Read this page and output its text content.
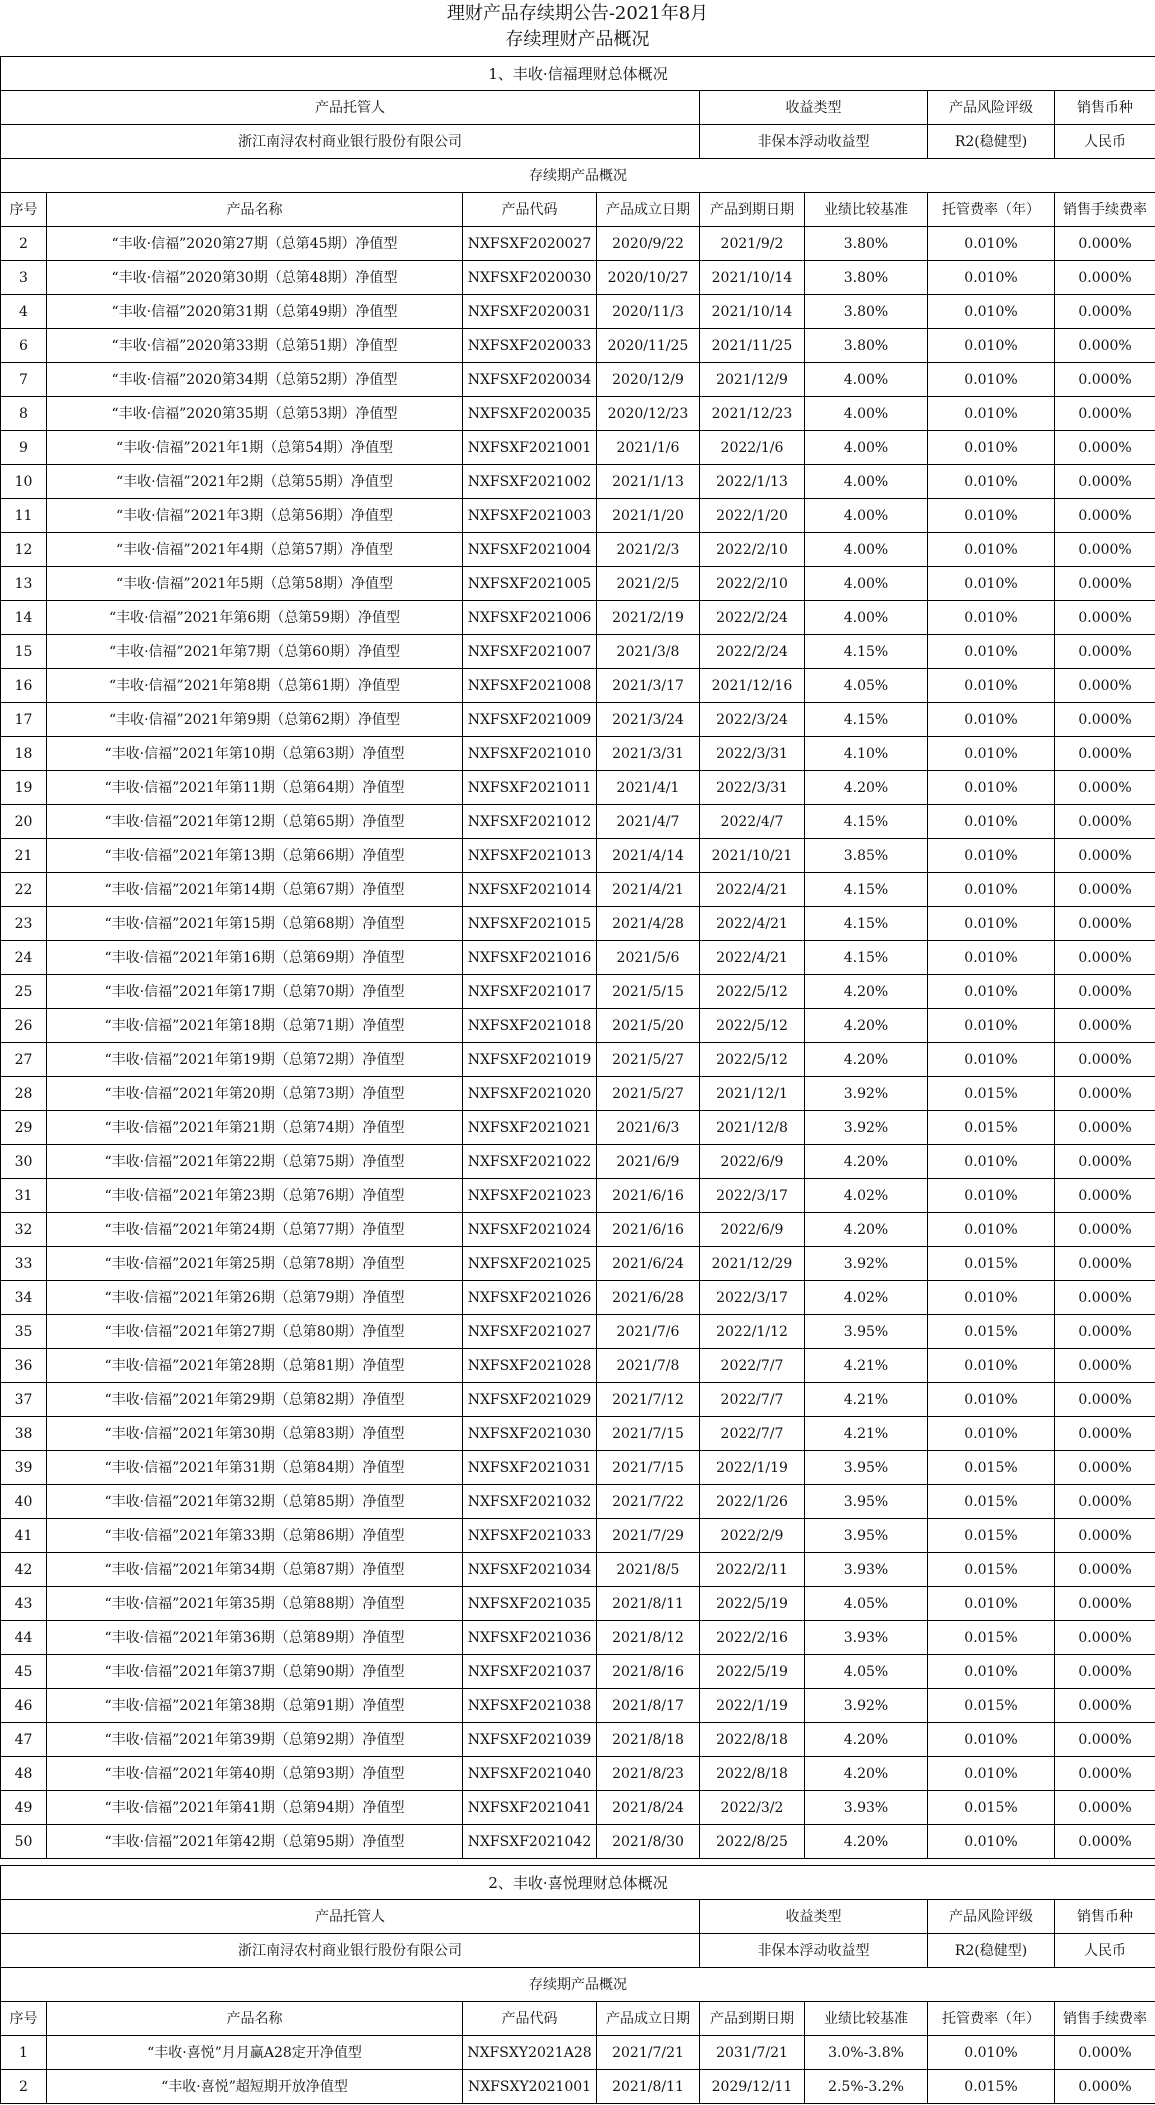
理财产品存续期公告-2021年8月
存续理财产品概况
1、丰收·信福理财总体概况							
产品托管人				收益类型		产品风险评级	销售币种
浙江南浔农村商业银行股份有限公司				非保本浮动收益型		R2(稳健型)	人民币
存续期产品概况							
序号	产品名称	产品代码	产品成立日期	产品到期日期	业绩比较基准	托管费率（年）	销售手续费率
2	“丰收·信福”2020第27期（总第45期）净值型	NXFSXF2020027	2020/9/22	2021/9/2	3.80%	0.010%	0.000%
3	“丰收·信福”2020第30期（总第48期）净值型	NXFSXF2020030	2020/10/27	2021/10/14	3.80%	0.010%	0.000%
4	“丰收·信福”2020第31期（总第49期）净值型	NXFSXF2020031	2020/11/3	2021/10/14	3.80%	0.010%	0.000%
6	“丰收·信福”2020第33期（总第51期）净值型	NXFSXF2020033	2020/11/25	2021/11/25	3.80%	0.010%	0.000%
7	“丰收·信福”2020第34期（总第52期）净值型	NXFSXF2020034	2020/12/9	2021/12/9	4.00%	0.010%	0.000%
8	“丰收·信福”2020第35期（总第53期）净值型	NXFSXF2020035	2020/12/23	2021/12/23	4.00%	0.010%	0.000%
9	“丰收·信福”2021年1期（总第54期）净值型	NXFSXF2021001	2021/1/6	2022/1/6	4.00%	0.010%	0.000%
10	“丰收·信福”2021年2期（总第55期）净值型	NXFSXF2021002	2021/1/13	2022/1/13	4.00%	0.010%	0.000%
11	“丰收·信福”2021年3期（总第56期）净值型	NXFSXF2021003	2021/1/20	2022/1/20	4.00%	0.010%	0.000%
12	“丰收·信福”2021年4期（总第57期）净值型	NXFSXF2021004	2021/2/3	2022/2/10	4.00%	0.010%	0.000%
13	“丰收·信福”2021年5期（总第58期）净值型	NXFSXF2021005	2021/2/5	2022/2/10	4.00%	0.010%	0.000%
14	“丰收·信福”2021年第6期（总第59期）净值型	NXFSXF2021006	2021/2/19	2022/2/24	4.00%	0.010%	0.000%
15	“丰收·信福”2021年第7期（总第60期）净值型	NXFSXF2021007	2021/3/8	2022/2/24	4.15%	0.010%	0.000%
16	“丰收·信福”2021年第8期（总第61期）净值型	NXFSXF2021008	2021/3/17	2021/12/16	4.05%	0.010%	0.000%
17	“丰收·信福”2021年第9期（总第62期）净值型	NXFSXF2021009	2021/3/24	2022/3/24	4.15%	0.010%	0.000%
18	“丰收·信福”2021年第10期（总第63期）净值型	NXFSXF2021010	2021/3/31	2022/3/31	4.10%	0.010%	0.000%
19	“丰收·信福”2021年第11期（总第64期）净值型	NXFSXF2021011	2021/4/1	2022/3/31	4.20%	0.010%	0.000%
20	“丰收·信福”2021年第12期（总第65期）净值型	NXFSXF2021012	2021/4/7	2022/4/7	4.15%	0.010%	0.000%
21	“丰收·信福”2021年第13期（总第66期）净值型	NXFSXF2021013	2021/4/14	2021/10/21	3.85%	0.010%	0.000%
22	“丰收·信福”2021年第14期（总第67期）净值型	NXFSXF2021014	2021/4/21	2022/4/21	4.15%	0.010%	0.000%
23	“丰收·信福”2021年第15期（总第68期）净值型	NXFSXF2021015	2021/4/28	2022/4/21	4.15%	0.010%	0.000%
24	“丰收·信福”2021年第16期（总第69期）净值型	NXFSXF2021016	2021/5/6	2022/4/21	4.15%	0.010%	0.000%
25	“丰收·信福”2021年第17期（总第70期）净值型	NXFSXF2021017	2021/5/15	2022/5/12	4.20%	0.010%	0.000%
26	“丰收·信福”2021年第18期（总第71期）净值型	NXFSXF2021018	2021/5/20	2022/5/12	4.20%	0.010%	0.000%
27	“丰收·信福”2021年第19期（总第72期）净值型	NXFSXF2021019	2021/5/27	2022/5/12	4.20%	0.010%	0.000%
28	“丰收·信福”2021年第20期（总第73期）净值型	NXFSXF2021020	2021/5/27	2021/12/1	3.92%	0.015%	0.000%
29	“丰收·信福”2021年第21期（总第74期）净值型	NXFSXF2021021	2021/6/3	2021/12/8	3.92%	0.015%	0.000%
30	“丰收·信福”2021年第22期（总第75期）净值型	NXFSXF2021022	2021/6/9	2022/6/9	4.20%	0.010%	0.000%
31	“丰收·信福”2021年第23期（总第76期）净值型	NXFSXF2021023	2021/6/16	2022/3/17	4.02%	0.010%	0.000%
32	“丰收·信福”2021年第24期（总第77期）净值型	NXFSXF2021024	2021/6/16	2022/6/9	4.20%	0.010%	0.000%
33	“丰收·信福”2021年第25期（总第78期）净值型	NXFSXF2021025	2021/6/24	2021/12/29	3.92%	0.015%	0.000%
34	“丰收·信福”2021年第26期（总第79期）净值型	NXFSXF2021026	2021/6/28	2022/3/17	4.02%	0.010%	0.000%
35	“丰收·信福”2021年第27期（总第80期）净值型	NXFSXF2021027	2021/7/6	2022/1/12	3.95%	0.015%	0.000%
36	“丰收·信福”2021年第28期（总第81期）净值型	NXFSXF2021028	2021/7/8	2022/7/7	4.21%	0.010%	0.000%
37	“丰收·信福”2021年第29期（总第82期）净值型	NXFSXF2021029	2021/7/12	2022/7/7	4.21%	0.010%	0.000%
38	“丰收·信福”2021年第30期（总第83期）净值型	NXFSXF2021030	2021/7/15	2022/7/7	4.21%	0.010%	0.000%
39	“丰收·信福”2021年第31期（总第84期）净值型	NXFSXF2021031	2021/7/15	2022/1/19	3.95%	0.015%	0.000%
40	“丰收·信福”2021年第32期（总第85期）净值型	NXFSXF2021032	2021/7/22	2022/1/26	3.95%	0.015%	0.000%
41	“丰收·信福”2021年第33期（总第86期）净值型	NXFSXF2021033	2021/7/29	2022/2/9	3.95%	0.015%	0.000%
42	“丰收·信福”2021年第34期（总第87期）净值型	NXFSXF2021034	2021/8/5	2022/2/11	3.93%	0.015%	0.000%
43	“丰收·信福”2021年第35期（总第88期）净值型	NXFSXF2021035	2021/8/11	2022/5/19	4.05%	0.010%	0.000%
44	“丰收·信福”2021年第36期（总第89期）净值型	NXFSXF2021036	2021/8/12	2022/2/16	3.93%	0.015%	0.000%
45	“丰收·信福”2021年第37期（总第90期）净值型	NXFSXF2021037	2021/8/16	2022/5/19	4.05%	0.010%	0.000%
46	“丰收·信福”2021年第38期（总第91期）净值型	NXFSXF2021038	2021/8/17	2022/1/19	3.92%	0.015%	0.000%
47	“丰收·信福”2021年第39期（总第92期）净值型	NXFSXF2021039	2021/8/18	2022/8/18	4.20%	0.010%	0.000%
48	“丰收·信福”2021年第40期（总第93期）净值型	NXFSXF2021040	2021/8/23	2022/8/18	4.20%	0.010%	0.000%
49	“丰收·信福”2021年第41期（总第94期）净值型	NXFSXF2021041	2021/8/24	2022/3/2	3.93%	0.015%	0.000%
50	“丰收·信福”2021年第42期（总第95期）净值型	NXFSXF2021042	2021/8/30	2022/8/25	4.20%	0.010%	0.000%
2、丰收·喜悦理财总体概况							
产品托管人				收益类型		产品风险评级	销售币种
浙江南浔农村商业银行股份有限公司				非保本浮动收益型		R2(稳健型)	人民币
存续期产品概况							
序号	产品名称	产品代码	产品成立日期	产品到期日期	业绩比较基准	托管费率（年）	销售手续费率
1	“丰收·喜悦”月月赢A28定开净值型	NXFSXY2021A28	2021/7/21	2031/7/21	3.0%-3.8%	0.010%	0.000%
2	“丰收·喜悦”超短期开放净值型	NXFSXY2021001	2021/8/11	2029/12/11	2.5%-3.2%	0.015%	0.000%
